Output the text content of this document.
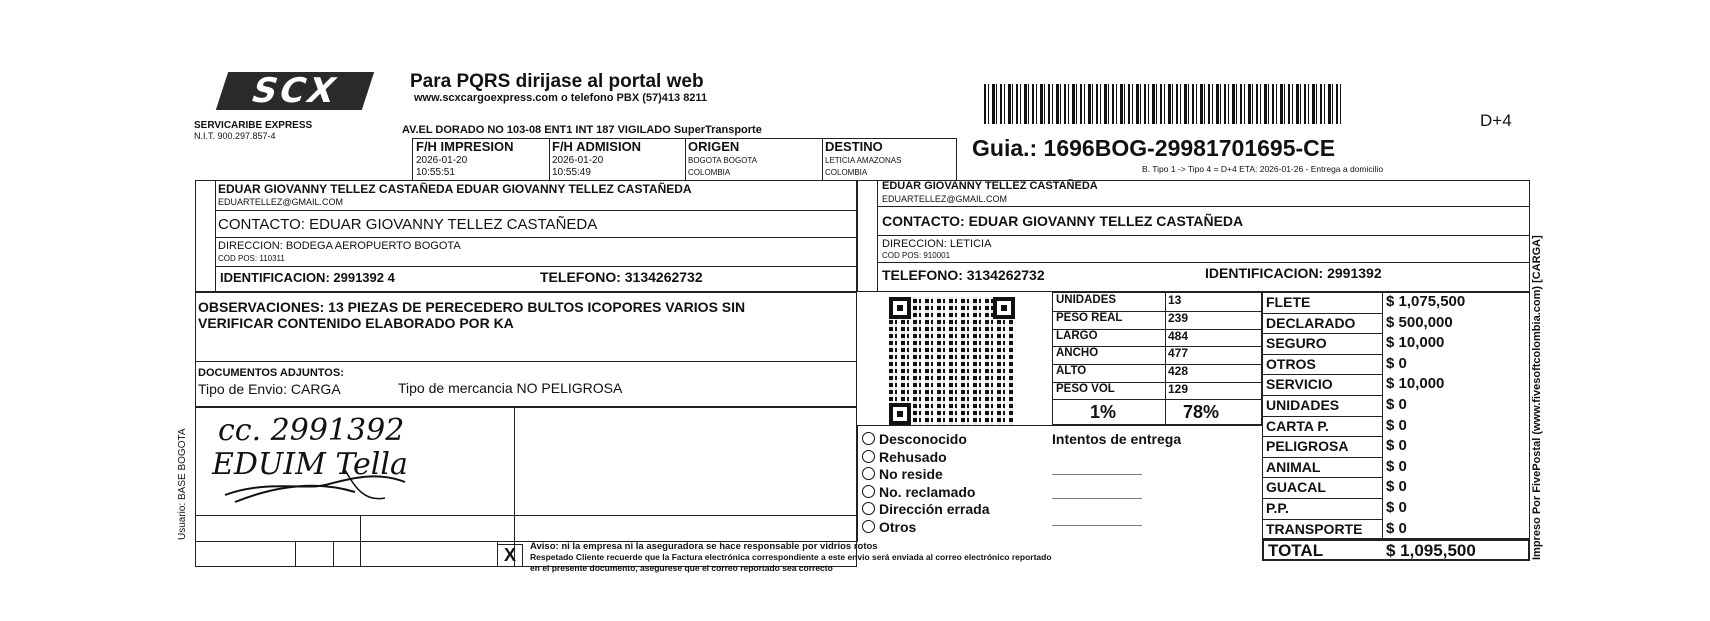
SCX
SERVICARIBE EXPRESS
N.I.T. 900.297.857-4
Para PQRS dirijase al portal web
www.scxcargoexpress.com o telefono PBX (57)413 8211
D+4
AV.EL DORADO NO 103-08 ENT1 INT 187 VIGILADO SuperTransporte
Guia.: 1696BOG-29981701695-CE
B. Tipo 1 -> Tipo 4 = D+4 ETA: 2026-01-26 - Entrega a domicilio
F/H IMPRESION
2026-01-20
10:55:51
F/H ADMISION
2026-01-20
10:55:49
ORIGEN
BOGOTA BOGOTA
COLOMBIA
DESTINO
LETICIA AMAZONAS
COLOMBIA
EDUAR GIOVANNY TELLEZ CASTAÑEDA EDUAR GIOVANNY TELLEZ CASTAÑEDA
EDUARTELLEZ@GMAIL.COM
CONTACTO: EDUAR GIOVANNY TELLEZ CASTAÑEDA
DIRECCION: BODEGA AEROPUERTO BOGOTA
COD POS: 110311
IDENTIFICACION: 2991392 4	TELEFONO: 3134262732
EDUAR GIOVANNY TELLEZ CASTAÑEDA
EDUARTELLEZ@GMAIL.COM
CONTACTO: EDUAR GIOVANNY TELLEZ CASTAÑEDA
DIRECCION: LETICIA
COD POS: 910001
TELEFONO: 3134262732	IDENTIFICACION: 2991392
OBSERVACIONES: 13 PIEZAS DE PERECEDERO BULTOS ICOPORES VARIOS SIN
VERIFICAR CONTENIDO ELABORADO POR KA
DOCUMENTOS ADJUNTOS:
Tipo de Envio: CARGA	Tipo de mercancia NO PELIGROSA
Usuario: BASE BOGOTA cc. 2991392
EDUIM Tella
X	Aviso: ni la empresa ni la aseguradora se hace responsable por vidrios rotos
Respetado Cliente recuerde que la Factura electrónica correspondiente a este envio será enviada al correo electrónico reportado
en el presente documento, asegurese que el correo reportado sea correcto
UNIDADES	13
PESO REAL	239
LARGO	484
ANCHO	477
ALTO	428
PESO VOL	129
1%	78%
Desconocido
Rehusado
No reside
No. reclamado
Dirección errada
Otros
Intentos de entrega
FLETE	$ 1,075,500
DECLARADO $ 500,000
SEGURO	$ 10,000
OTROS	$ 0
SERVICIO	$ 10,000
UNIDADES	$ 0
CARTA P.	$ 0
PELIGROSA	$ 0
ANIMAL	$ 0
GUACAL	$ 0
P.P.	$ 0
TRANSPORTE $ 0
TOTAL	$ 1,095,500	Impreso Por FivePostal (www.fivesoftcolombia.com) [CARGA]
